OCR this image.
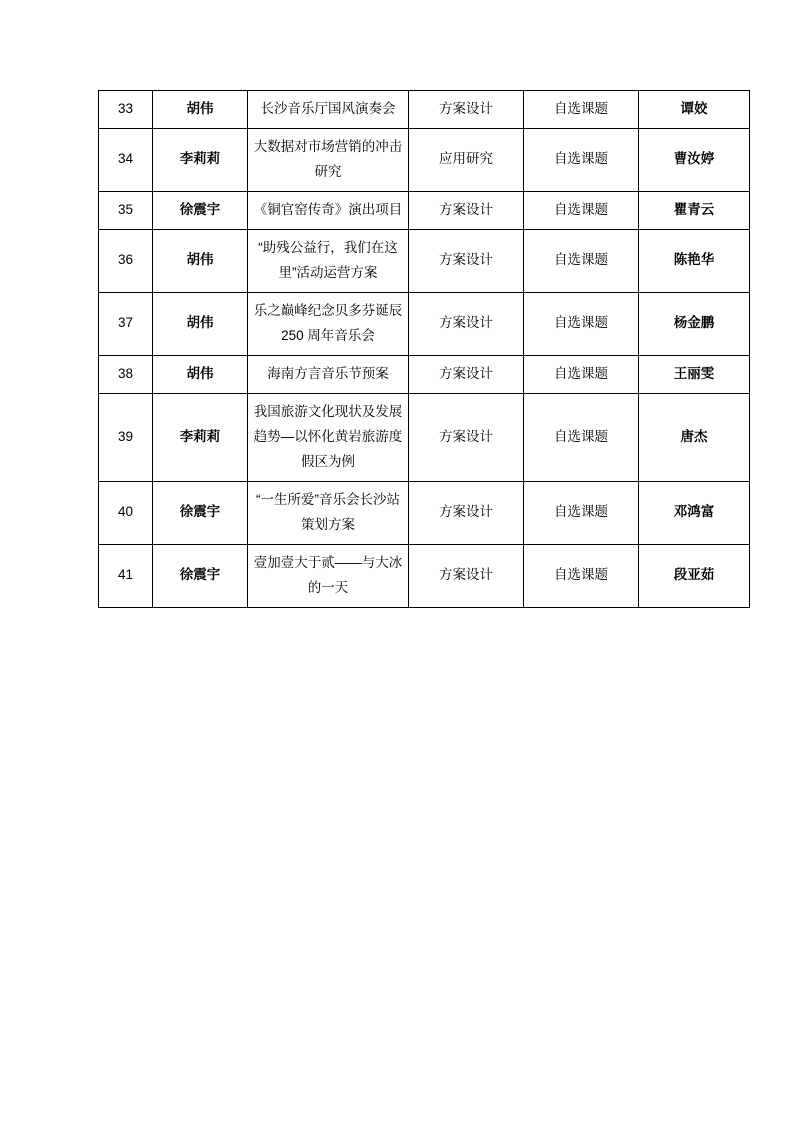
33	胡伟	长沙音乐厅国风演奏会	方案设计	自选课题	谭姣
34	李莉莉	大数据对市场营销的冲击研究	应用研究	自选课题	曹汝婷
35	徐震宇	《铜官窑传奇》演出项目	方案设计	自选课题	瞿青云
36	胡伟	“助残公益行，我们在这里”活动运营方案	方案设计	自选课题	陈艳华
37	胡伟	乐之巅峰纪念贝多芬诞辰 250 周年音乐会	方案设计	自选课题	杨金鹏
38	胡伟	海南方言音乐节预案	方案设计	自选课题	王丽雯
39	李莉莉	我国旅游文化现状及发展趋势—以怀化黄岩旅游度假区为例	方案设计	自选课题	唐杰
40	徐震宇	“一生所爱”音乐会长沙站策划方案	方案设计	自选课题	邓鸿富
41	徐震宇	壹加壹大于贰——与大冰的一天	方案设计	自选课题	段亚茹
